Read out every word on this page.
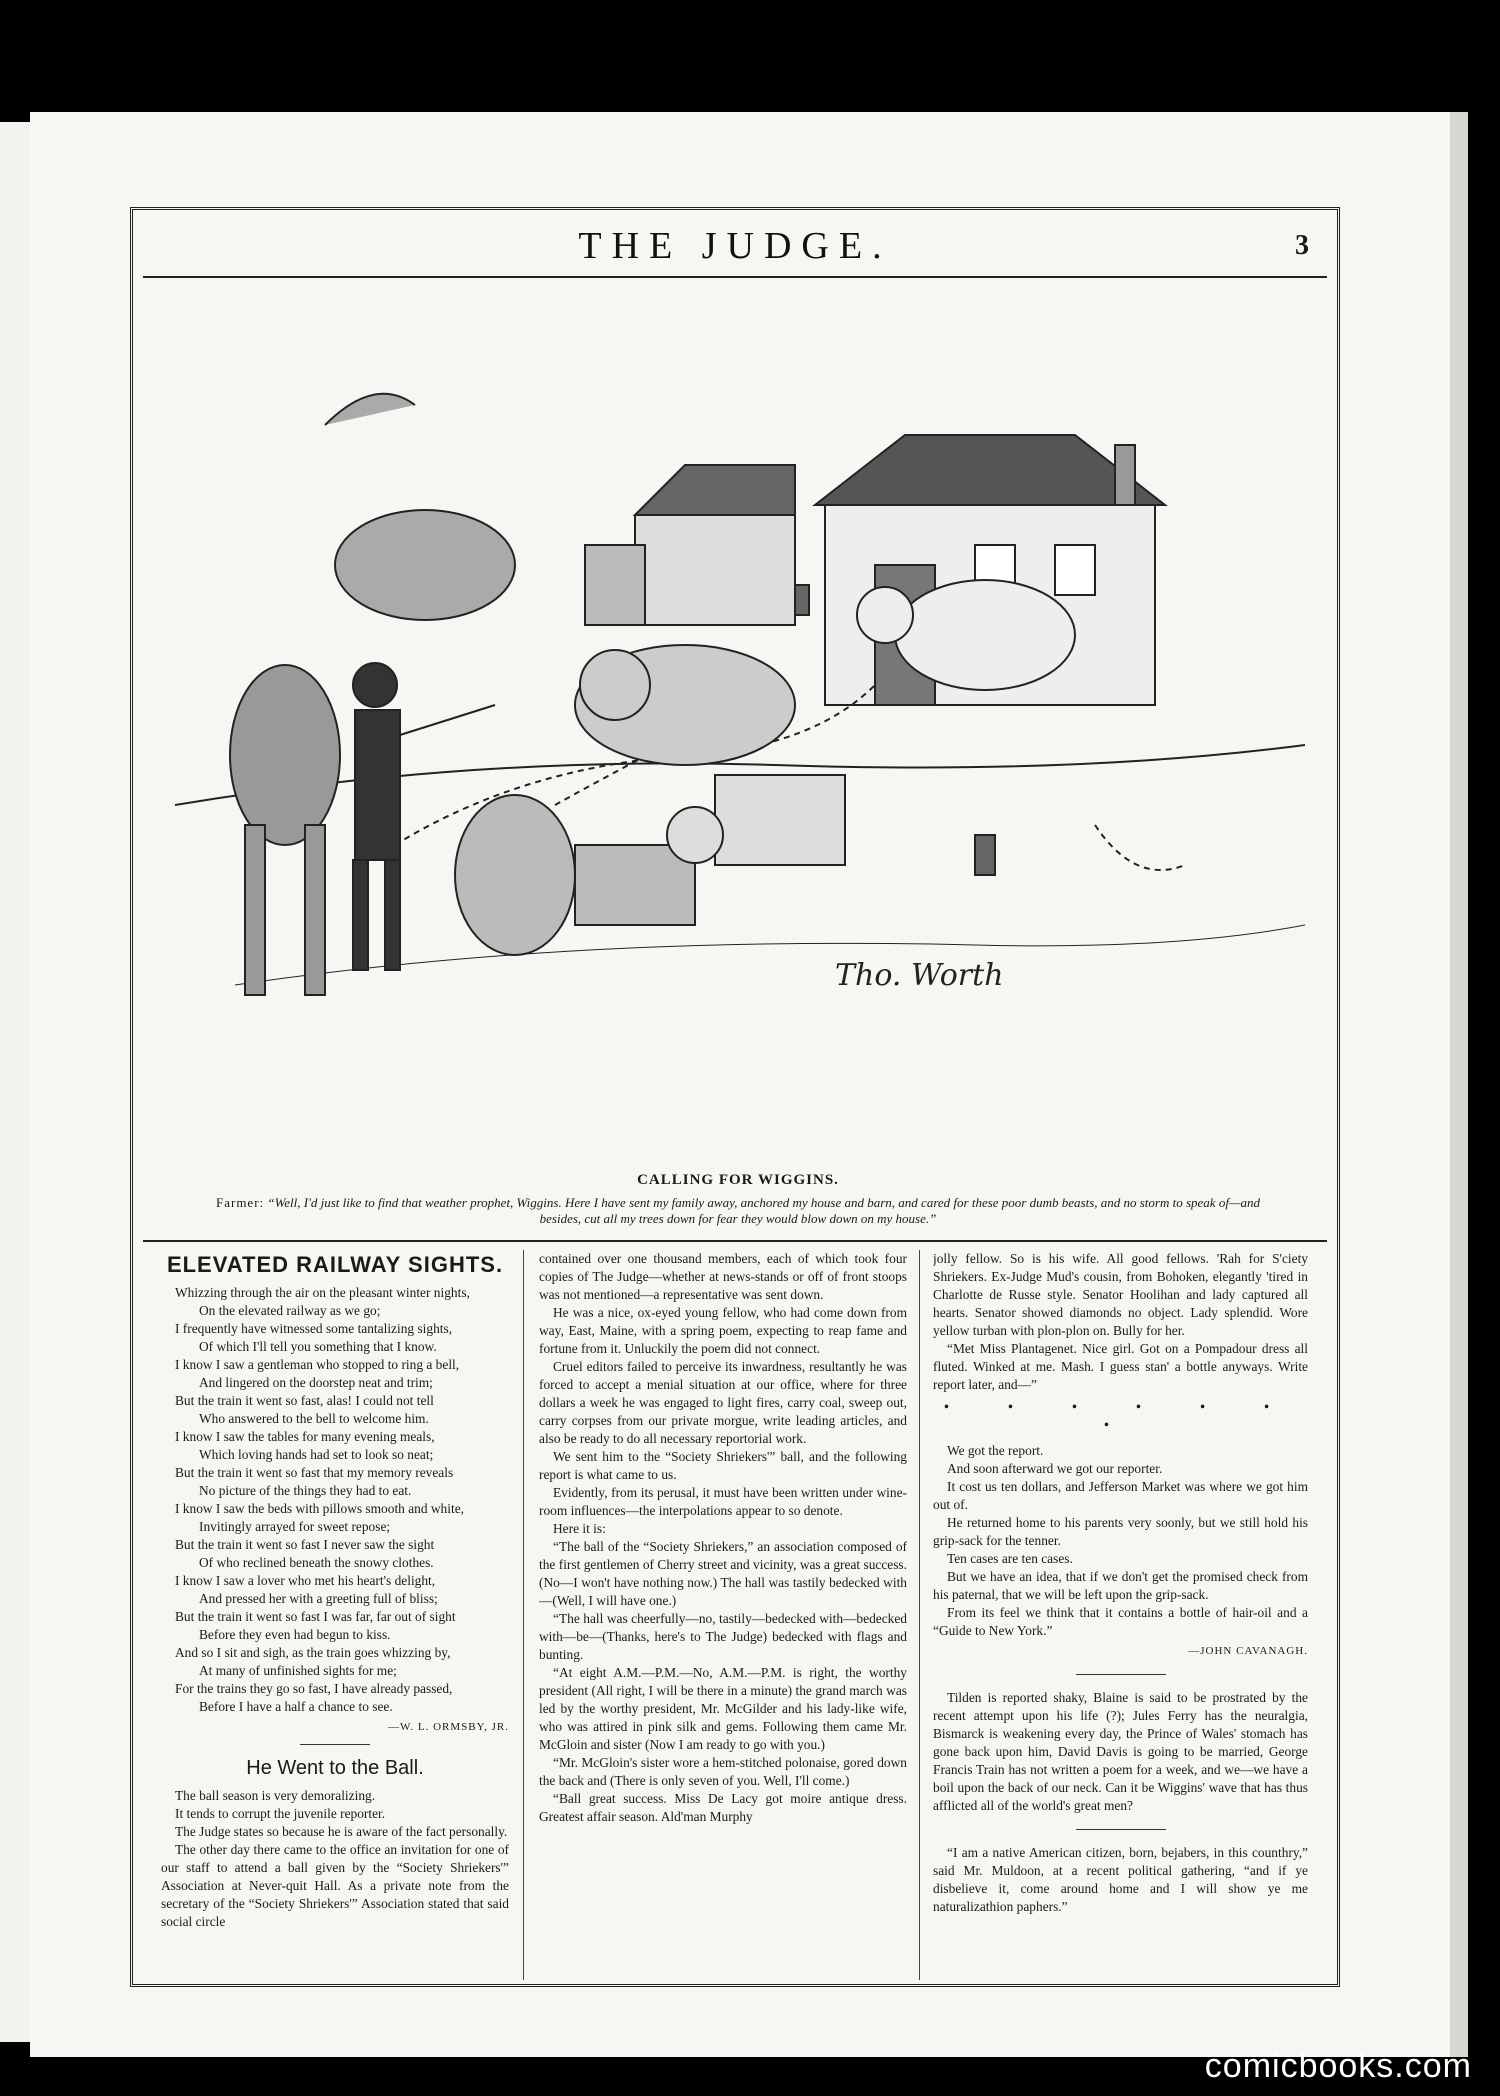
THE JUDGE.	3
Tho. Worth
CALLING FOR WIGGINS.
Farmer: “Well, I'd just like to find that weather prophet, Wiggins. Here I have sent my family away, anchored my house and barn, and cared for these poor dumb beasts, and no storm to speak of—and besides, cut all my trees down for fear they would blow down on my house.”
ELEVATED RAILWAY SIGHTS.

Whizzing through the air on the pleasant winter nights,
On the elevated railway as we go;
I frequently have witnessed some tantalizing sights,
Of which I'll tell you something that I know.

I know I saw a gentleman who stopped to ring a bell,
And lingered on the doorstep neat and trim;
But the train it went so fast, alas! I could not tell
Who answered to the bell to welcome him.

I know I saw the tables for many evening meals,
Which loving hands had set to look so neat;
But the train it went so fast that my memory reveals
No picture of the things they had to eat.

I know I saw the beds with pillows smooth and white,
Invitingly arrayed for sweet repose;
But the train it went so fast I never saw the sight
Of who reclined beneath the snowy clothes.

I know I saw a lover who met his heart's delight,
And pressed her with a greeting full of bliss;
But the train it went so fast I was far, far out of sight
Before they even had begun to kiss.

And so I sit and sigh, as the train goes whizzing by,
At many of unfinished sights for me;
For the trains they go so fast, I have already passed,
Before I have a half a chance to see.

—W. L. ORMSBY, JR.
He Went to the Ball.

The ball season is very demoralizing.

It tends to corrupt the juvenile reporter.

The Judge states so because he is aware of the fact personally.

The other day there came to the office an invitation for one of our staff to attend a ball given by the “Society Shriekers'” Association at Never-quit Hall. As a private note from the secretary of the “Society Shriekers'” Association stated that said social circle

contained over one thousand members, each of which took four copies of The Judge—whether at news-stands or off of front stoops was not mentioned—a representative was sent down.

He was a nice, ox-eyed young fellow, who had come down from way, East, Maine, with a spring poem, expecting to reap fame and fortune from it. Unluckily the poem did not connect.

Cruel editors failed to perceive its inwardness, resultantly he was forced to accept a menial situation at our office, where for three dollars a week he was engaged to light fires, carry coal, sweep out, carry corpses from our private morgue, write leading articles, and also be ready to do all necessary reportorial work.

We sent him to the “Society Shriekers'” ball, and the following report is what came to us.

Evidently, from its perusal, it must have been written under wine-room influences—the interpolations appear to so denote.

Here it is:

“The ball of the “Society Shriekers,” an association composed of the first gentlemen of Cherry street and vicinity, was a great success. (No—I won't have nothing now.) The hall was tastily bedecked with—(Well, I will have one.)

“The hall was cheerfully—no, tastily—bedecked with—bedecked with—be—(Thanks, here's to The Judge) bedecked with flags and bunting.

“At eight A.M.—P.M.—No, A.M.—P.M. is right, the worthy president (All right, I will be there in a minute) the grand march was led by the worthy president, Mr. McGilder and his lady-like wife, who was attired in pink silk and gems. Following them came Mr. McGloin and sister (Now I am ready to go with you.)

“Mr. McGloin's sister wore a hem-stitched polonaise, gored down the back and (There is only seven of you. Well, I'll come.)

“Ball great success. Miss De Lacy got moire antique dress. Greatest affair season. Ald'man Murphy

jolly fellow. So is his wife. All good fellows. 'Rah for S'ciety Shriekers. Ex-Judge Mud's cousin, from Bohoken, elegantly 'tired in Charlotte de Russe style. Senator Hoolihan and lady captured all hearts. Senator showed diamonds no object. Lady splendid. Wore yellow turban with plon-plon on. Bully for her.

“Met Miss Plantagenet. Nice girl. Got on a Pompadour dress all fluted. Winked at me. Mash. I guess stan' a bottle anyways. Write report later, and—”

• • • • • • •

We got the report.

And soon afterward we got our reporter.

It cost us ten dollars, and Jefferson Market was where we got him out of.

He returned home to his parents very soonly, but we still hold his grip-sack for the tenner.

Ten cases are ten cases.

But we have an idea, that if we don't get the promised check from his paternal, that we will be left upon the grip-sack.

From its feel we think that it contains a bottle of hair-oil and a “Guide to New York.”

—JOHN CAVANAGH.

Tilden is reported shaky, Blaine is said to be prostrated by the recent attempt upon his life (?); Jules Ferry has the neuralgia, Bismarck is weakening every day, the Prince of Wales' stomach has gone back upon him, David Davis is going to be married, George Francis Train has not written a poem for a week, and we—we have a boil upon the back of our neck. Can it be Wiggins' wave that has thus afflicted all of the world's great men?

“I am a native American citizen, born, bejabers, in this counthry,” said Mr. Muldoon, at a recent political gathering, “and if ye disbelieve it, come around home and I will show ye me naturalizathion paphers.”

comicbooks.com
